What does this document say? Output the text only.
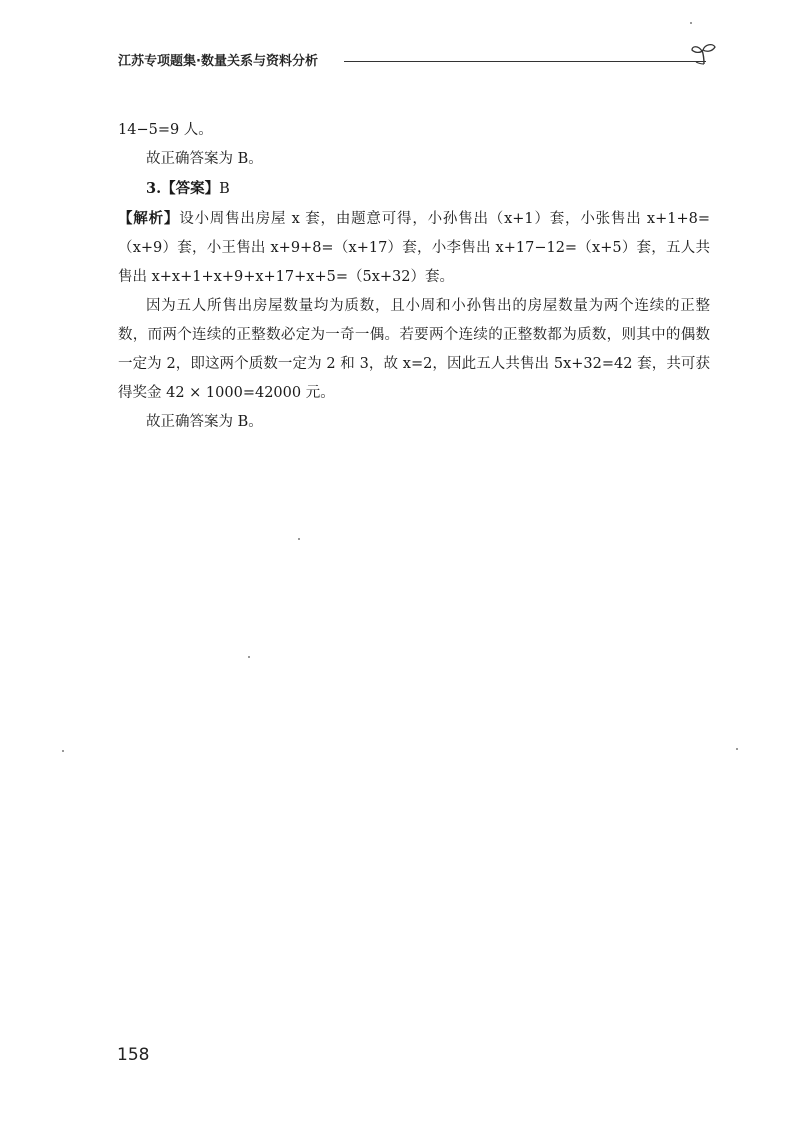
江苏专项题集·数量关系与资料分析

14−5=9 人。

故正确答案为 B。

3.【答案】B

【解析】设小周售出房屋 x 套，由题意可得，小孙售出（x+1）套，小张售出 x+1+8=（x+9）套，小王售出 x+9+8=（x+17）套，小李售出 x+17−12=（x+5）套，五人共售出 x+x+1+x+9+x+17+x+5=（5x+32）套。

因为五人所售出房屋数量均为质数，且小周和小孙售出的房屋数量为两个连续的正整数，而两个连续的正整数必定为一奇一偶。若要两个连续的正整数都为质数，则其中的偶数一定为 2，即这两个质数一定为 2 和 3，故 x=2，因此五人共售出 5x+32=42 套，共可获得奖金 42 × 1000=42000 元。

故正确答案为 B。

158
